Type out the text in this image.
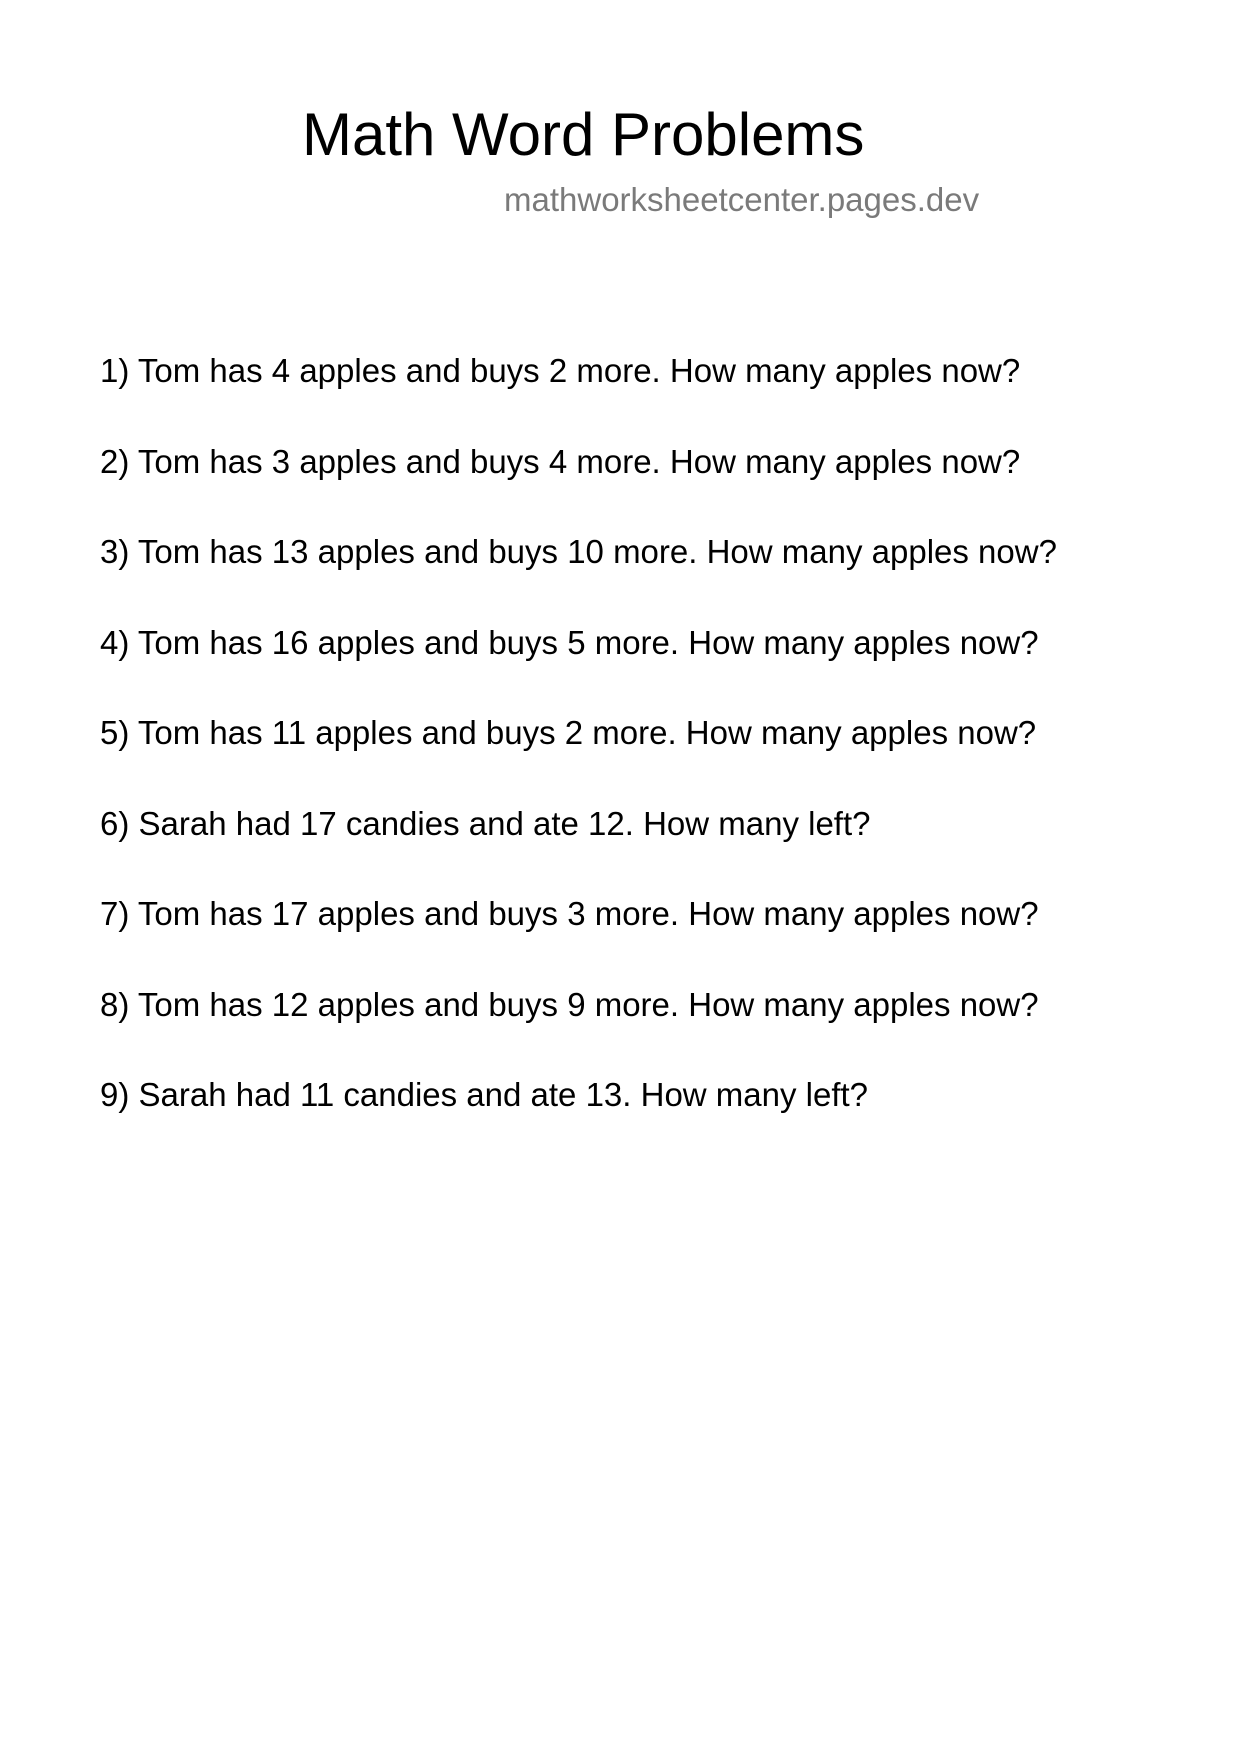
Math Word Problems
mathworksheetcenter.pages.dev
1) Tom has 4 apples and buys 2 more. How many apples now?
2) Tom has 3 apples and buys 4 more. How many apples now?
3) Tom has 13 apples and buys 10 more. How many apples now?
4) Tom has 16 apples and buys 5 more. How many apples now?
5) Tom has 11 apples and buys 2 more. How many apples now?
6) Sarah had 17 candies and ate 12. How many left?
7) Tom has 17 apples and buys 3 more. How many apples now?
8) Tom has 12 apples and buys 9 more. How many apples now?
9) Sarah had 11 candies and ate 13. How many left?
